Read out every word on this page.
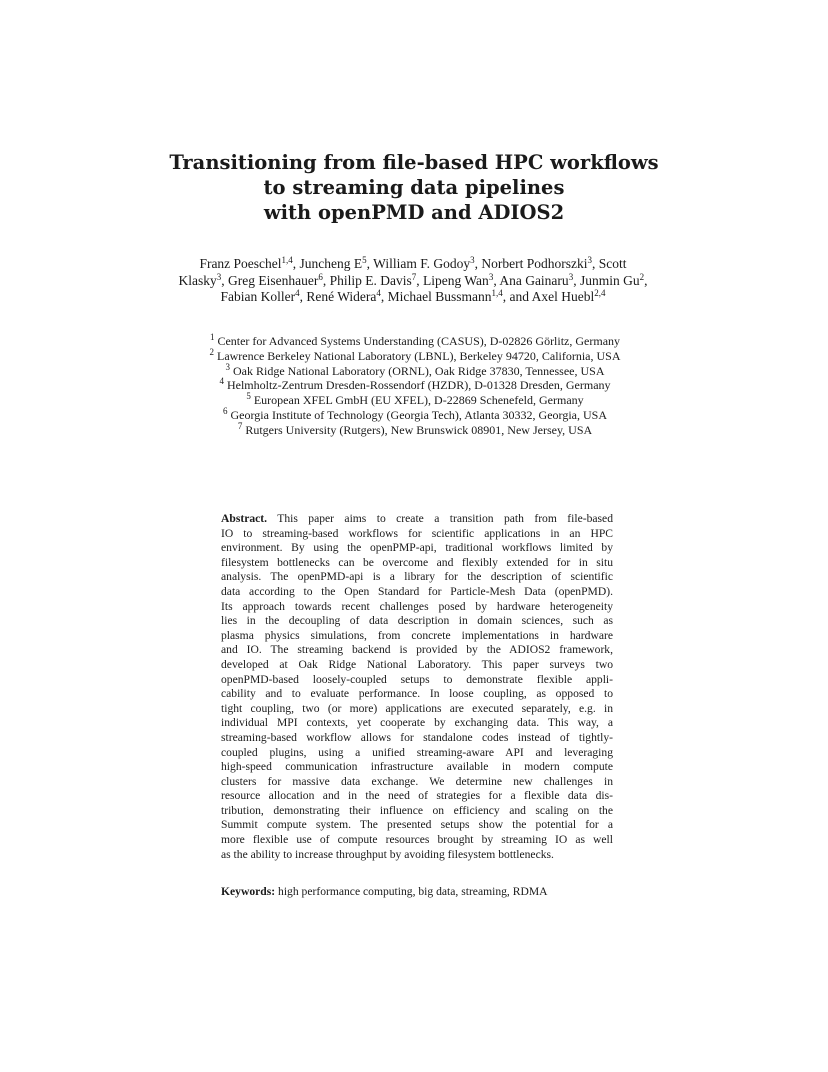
Transitioning from file-based HPC workflows
to streaming data pipelines
with openPMD and ADIOS2
Franz Poeschel$^{1,4}$, Juncheng $E^5$, William F. Godoy$^3$, Norbert Podhorszki$^3$, Scott Klasky$^3$, Greg Eisenhauer$^6$, Philip E. Davis$^7$, Lipeng Wan$^3$, Ana Gainaru$^3$, Junmin Gu$^2$, Fabian Koller$^4$, René Widera$^4$, Michael Bussmann$^{1,4}$, and Axel Huebl$^{2,4}$
$^1$ Center for Advanced Systems Understanding (CASUS), D-02826 Görlitz, Germany
$^2$ Lawrence Berkeley National Laboratory (LBNL), Berkeley 94720, California, USA
$^3$ Oak Ridge National Laboratory (ORNL), Oak Ridge 37830, Tennessee, USA
$^4$ Helmholtz-Zentrum Dresden-Rossendorf (HZDR), D-01328 Dresden, Germany
$^5$ European XFEL GmbH (EU XFEL), D-22869 Schenefeld, Germany
$^6$ Georgia Institute of Technology (Georgia Tech), Atlanta 30332, Georgia, USA
$^7$ Rutgers University (Rutgers), New Brunswick 08901, New Jersey, USA
Abstract. This paper aims to create a transition path from file-based
IO to streaming-based workflows for scientific applications in an HPC
environment. By using the openPMP-api, traditional workflows limited by
filesystem bottlenecks can be overcome and flexibly extended for in situ
analysis. The openPMD-api is a library for the description of scientific
data according to the Open Standard for Particle-Mesh Data (openPMD).
Its approach towards recent challenges posed by hardware heterogeneity
lies in the decoupling of data description in domain sciences, such as
plasma physics simulations, from concrete implementations in hardware
and IO. The streaming backend is provided by the ADIOS2 framework,
developed at Oak Ridge National Laboratory. This paper surveys two
openPMD-based loosely-coupled setups to demonstrate flexible appli-
cability and to evaluate performance. In loose coupling, as opposed to
tight coupling, two (or more) applications are executed separately, e.g. in
individual MPI contexts, yet cooperate by exchanging data. This way, a
streaming-based workflow allows for standalone codes instead of tightly-
coupled plugins, using a unified streaming-aware API and leveraging
high-speed communication infrastructure available in modern compute
clusters for massive data exchange. We determine new challenges in
resource allocation and in the need of strategies for a flexible data dis-
tribution, demonstrating their influence on efficiency and scaling on the
Summit compute system. The presented setups show the potential for a
more flexible use of compute resources brought by streaming IO as well
as the ability to increase throughput by avoiding filesystem bottlenecks.
Keywords: high performance computing, big data, streaming, RDMA
